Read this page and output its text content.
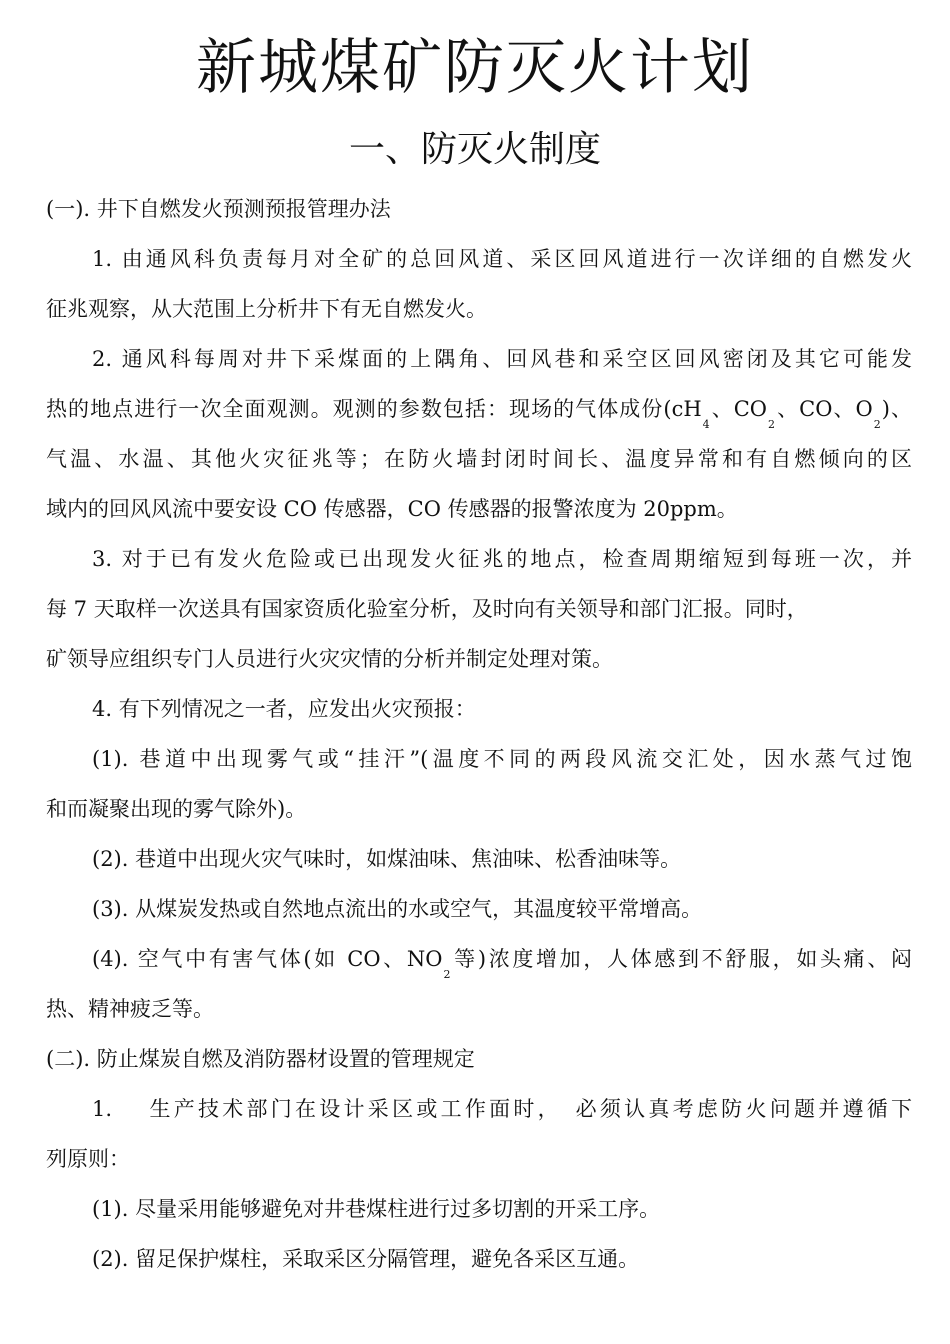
新城煤矿防灭火计划
一、防灭火制度
(一). 井下自燃发火预测预报管理办法
1. 由通风科负责每月对全矿的总回风道、采区回风道进行一次详细的自燃发火
征兆观察，从大范围上分析井下有无自燃发火。
2. 通风科每周对井下采煤面的上隅角、回风巷和采空区回风密闭及其它可能发
热的地点进行一次全面观测。观测的参数包括：现场的气体成份($cH_4$、$CO_2$、CO、$O_2$)、
气温、水温、其他火灾征兆等；在防火墙封闭时间长、温度异常和有自燃倾向的区
域内的回风风流中要安设 CO 传感器，CO 传感器的报警浓度为 20ppm。
3. 对于已有发火危险或已出现发火征兆的地点，检查周期缩短到每班一次，并
每 7 天取样一次送具有国家资质化验室分析，及时向有关领导和部门汇报。同时，
矿领导应组织专门人员进行火灾灾情的分析并制定处理对策。
4. 有下列情况之一者，应发出火灾预报：
(1). 巷道中出现雾气或“挂汗”(温度不同的两段风流交汇处，因水蒸气过饱
和而凝聚出现的雾气除外)。
(2). 巷道中出现火灾气味时，如煤油味、焦油味、松香油味等。
(3). 从煤炭发热或自然地点流出的水或空气，其温度较平常增高。
(4). 空气中有害气体(如 CO、$NO_2$等)浓度增加，人体感到不舒服，如头痛、闷
热、精神疲乏等。
(二). 防止煤炭自燃及消防器材设置的管理规定
1.　 生产技术部门在设计采区或工作面时，　必须认真考虑防火问题并遵循下
列原则：
(1). 尽量采用能够避免对井巷煤柱进行过多切割的开采工序。
(2). 留足保护煤柱，采取采区分隔管理，避免各采区互通。
